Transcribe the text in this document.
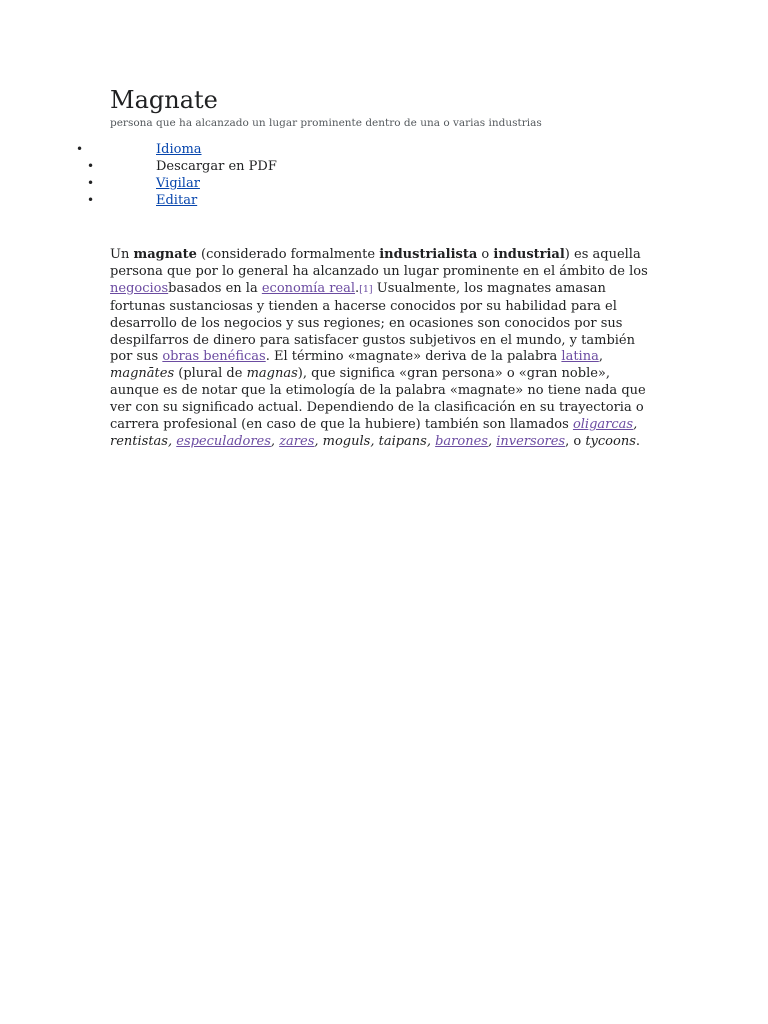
Magnate
persona que ha alcanzado un lugar prominente dentro de una o varias industrias
•	Idioma
•	Descargar en PDF
•	Vigilar
•	Editar

Un magnate (considerado formalmente industrialista o industrial) es aquella persona que por lo general ha alcanzado un lugar prominente en el ámbito de los negociosbasados en la economía real.[1] Usualmente, los magnates amasan fortunas sustanciosas y tienden a hacerse conocidos por su habilidad para el desarrollo de los negocios y sus regiones; en ocasiones son conocidos por sus despilfarros de dinero para satisfacer gustos subjetivos en el mundo, y también por sus obras benéficas. El término «magnate» deriva de la palabra latina, magnātes (plural de magnas), que significa «gran persona» o «gran noble», aunque es de notar que la etimología de la palabra «magnate» no tiene nada que ver con su significado actual. Dependiendo de la clasificación en su trayectoria o carrera profesional (en caso de que la hubiere) también son llamados oligarcas, rentistas, especuladores, zares, moguls, taipans, barones, inversores, o tycoons.
